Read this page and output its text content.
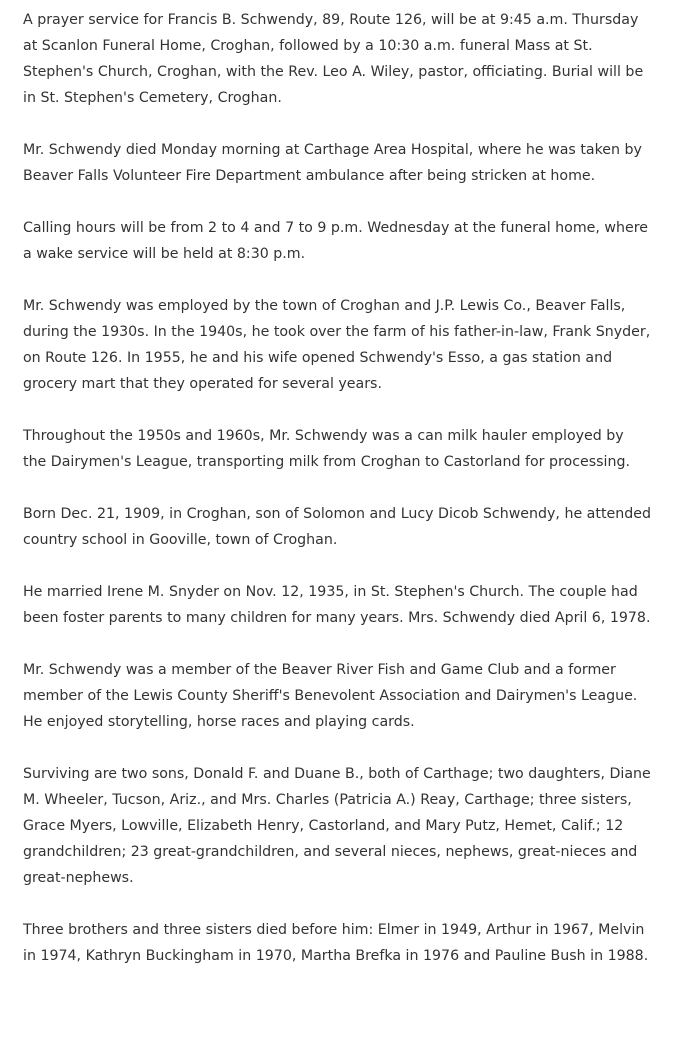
A prayer service for Francis B. Schwendy, 89, Route 126, will be at 9:45 a.m. Thursday at Scanlon Funeral Home, Croghan, followed by a 10:30 a.m. funeral Mass at St. Stephen's Church, Croghan, with the Rev. Leo A. Wiley, pastor, officiating. Burial will be in St. Stephen's Cemetery, Croghan.

Mr. Schwendy died Monday morning at Carthage Area Hospital, where he was taken by Beaver Falls Volunteer Fire Department ambulance after being stricken at home.

Calling hours will be from 2 to 4 and 7 to 9 p.m. Wednesday at the funeral home, where a wake service will be held at 8:30 p.m.

Mr. Schwendy was employed by the town of Croghan and J.P. Lewis Co., Beaver Falls, during the 1930s. In the 1940s, he took over the farm of his father-in-law, Frank Snyder, on Route 126. In 1955, he and his wife opened Schwendy's Esso, a gas station and grocery mart that they operated for several years.

Throughout the 1950s and 1960s, Mr. Schwendy was a can milk hauler employed by the Dairymen's League, transporting milk from Croghan to Castorland for processing.

Born Dec. 21, 1909, in Croghan, son of Solomon and Lucy Dicob Schwendy, he attended country school in Gooville, town of Croghan.

He married Irene M. Snyder on Nov. 12, 1935, in St. Stephen's Church. The couple had been foster parents to many children for many years. Mrs. Schwendy died April 6, 1978.

Mr. Schwendy was a member of the Beaver River Fish and Game Club and a former member of the Lewis County Sheriff's Benevolent Association and Dairymen's League. He enjoyed storytelling, horse races and playing cards.

Surviving are two sons, Donald F. and Duane B., both of Carthage; two daughters, Diane M. Wheeler, Tucson, Ariz., and Mrs. Charles (Patricia A.) Reay, Carthage; three sisters, Grace Myers, Lowville, Elizabeth Henry, Castorland, and Mary Putz, Hemet, Calif.; 12 grandchildren; 23 great-grandchildren, and several nieces, nephews, great-nieces and great-nephews.

Three brothers and three sisters died before him: Elmer in 1949, Arthur in 1967, Melvin in 1974, Kathryn Buckingham in 1970, Martha Brefka in 1976 and Pauline Bush in 1988.
